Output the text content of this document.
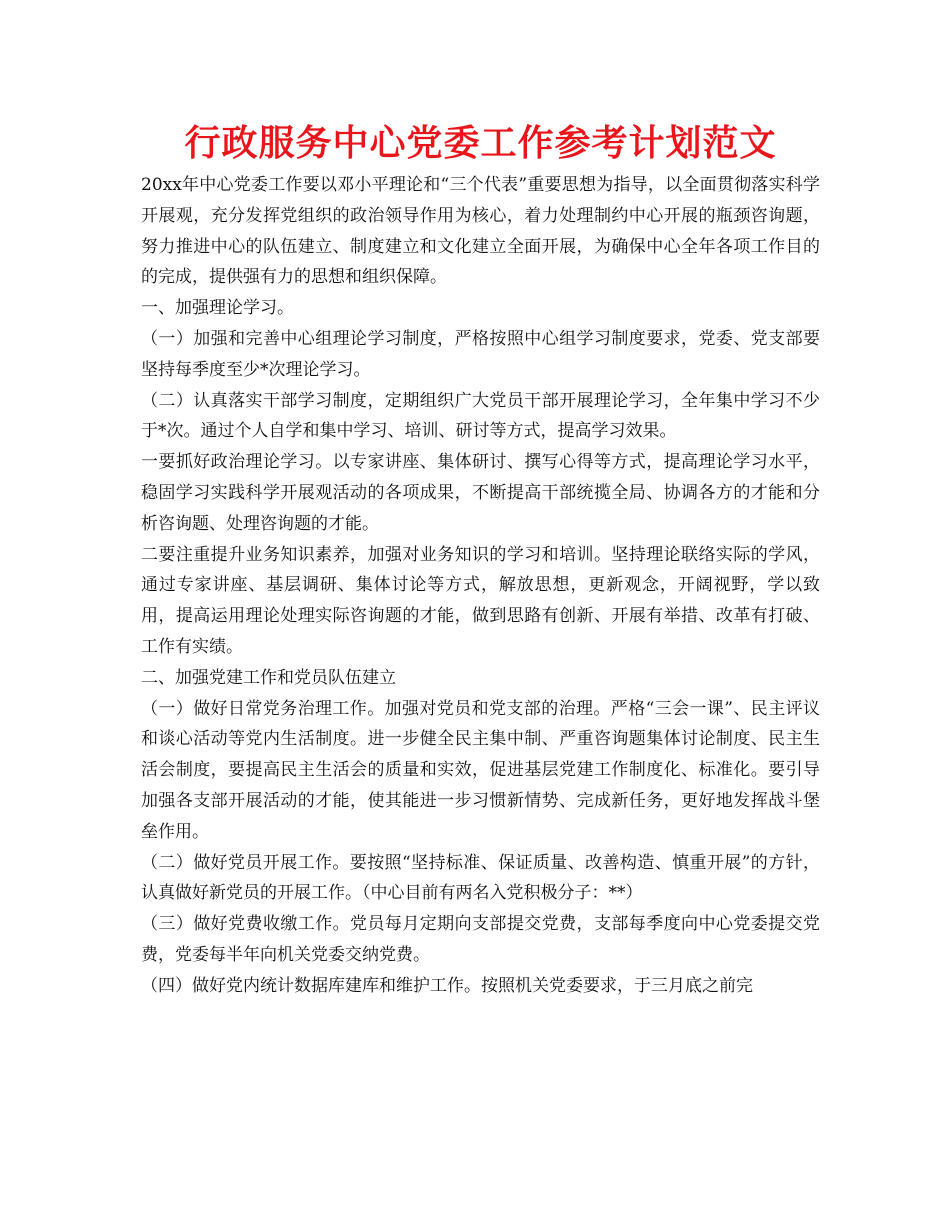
行政服务中心党委工作参考计划范文

20xx年中心党委工作要以邓小平理论和“三个代表”重要思想为指导，以全面贯彻落实科学开展观，充分发挥党组织的政治领导作用为核心，着力处理制约中心开展的瓶颈咨询题，努力推进中心的队伍建立、制度建立和文化建立全面开展，为确保中心全年各项工作目的的完成，提供强有力的思想和组织保障。

一、加强理论学习。

（一）加强和完善中心组理论学习制度，严格按照中心组学习制度要求，党委、党支部要坚持每季度至少*次理论学习。

（二）认真落实干部学习制度，定期组织广大党员干部开展理论学习，全年集中学习不少于*次。通过个人自学和集中学习、培训、研讨等方式，提高学习效果。

一要抓好政治理论学习。以专家讲座、集体研讨、撰写心得等方式，提高理论学习水平，稳固学习实践科学开展观活动的各项成果，不断提高干部统揽全局、协调各方的才能和分析咨询题、处理咨询题的才能。

二要注重提升业务知识素养，加强对业务知识的学习和培训。坚持理论联络实际的学风，通过专家讲座、基层调研、集体讨论等方式，解放思想，更新观念，开阔视野，学以致用，提高运用理论处理实际咨询题的才能，做到思路有创新、开展有举措、改革有打破、工作有实绩。

二、加强党建工作和党员队伍建立

（一）做好日常党务治理工作。加强对党员和党支部的治理。严格“三会一课”、民主评议和谈心活动等党内生活制度。进一步健全民主集中制、严重咨询题集体讨论制度、民主生活会制度，要提高民主生活会的质量和实效，促进基层党建工作制度化、标准化。要引导加强各支部开展活动的才能，使其能进一步习惯新情势、完成新任务，更好地发挥战斗堡垒作用。

（二）做好党员开展工作。要按照“坚持标准、保证质量、改善构造、慎重开展”的方针，认真做好新党员的开展工作。（中心目前有两名入党积极分子：**）

（三）做好党费收缴工作。党员每月定期向支部提交党费，支部每季度向中心党委提交党费，党委每半年向机关党委交纳党费。

（四）做好党内统计数据库建库和维护工作。按照机关党委要求，于三月底之前完
